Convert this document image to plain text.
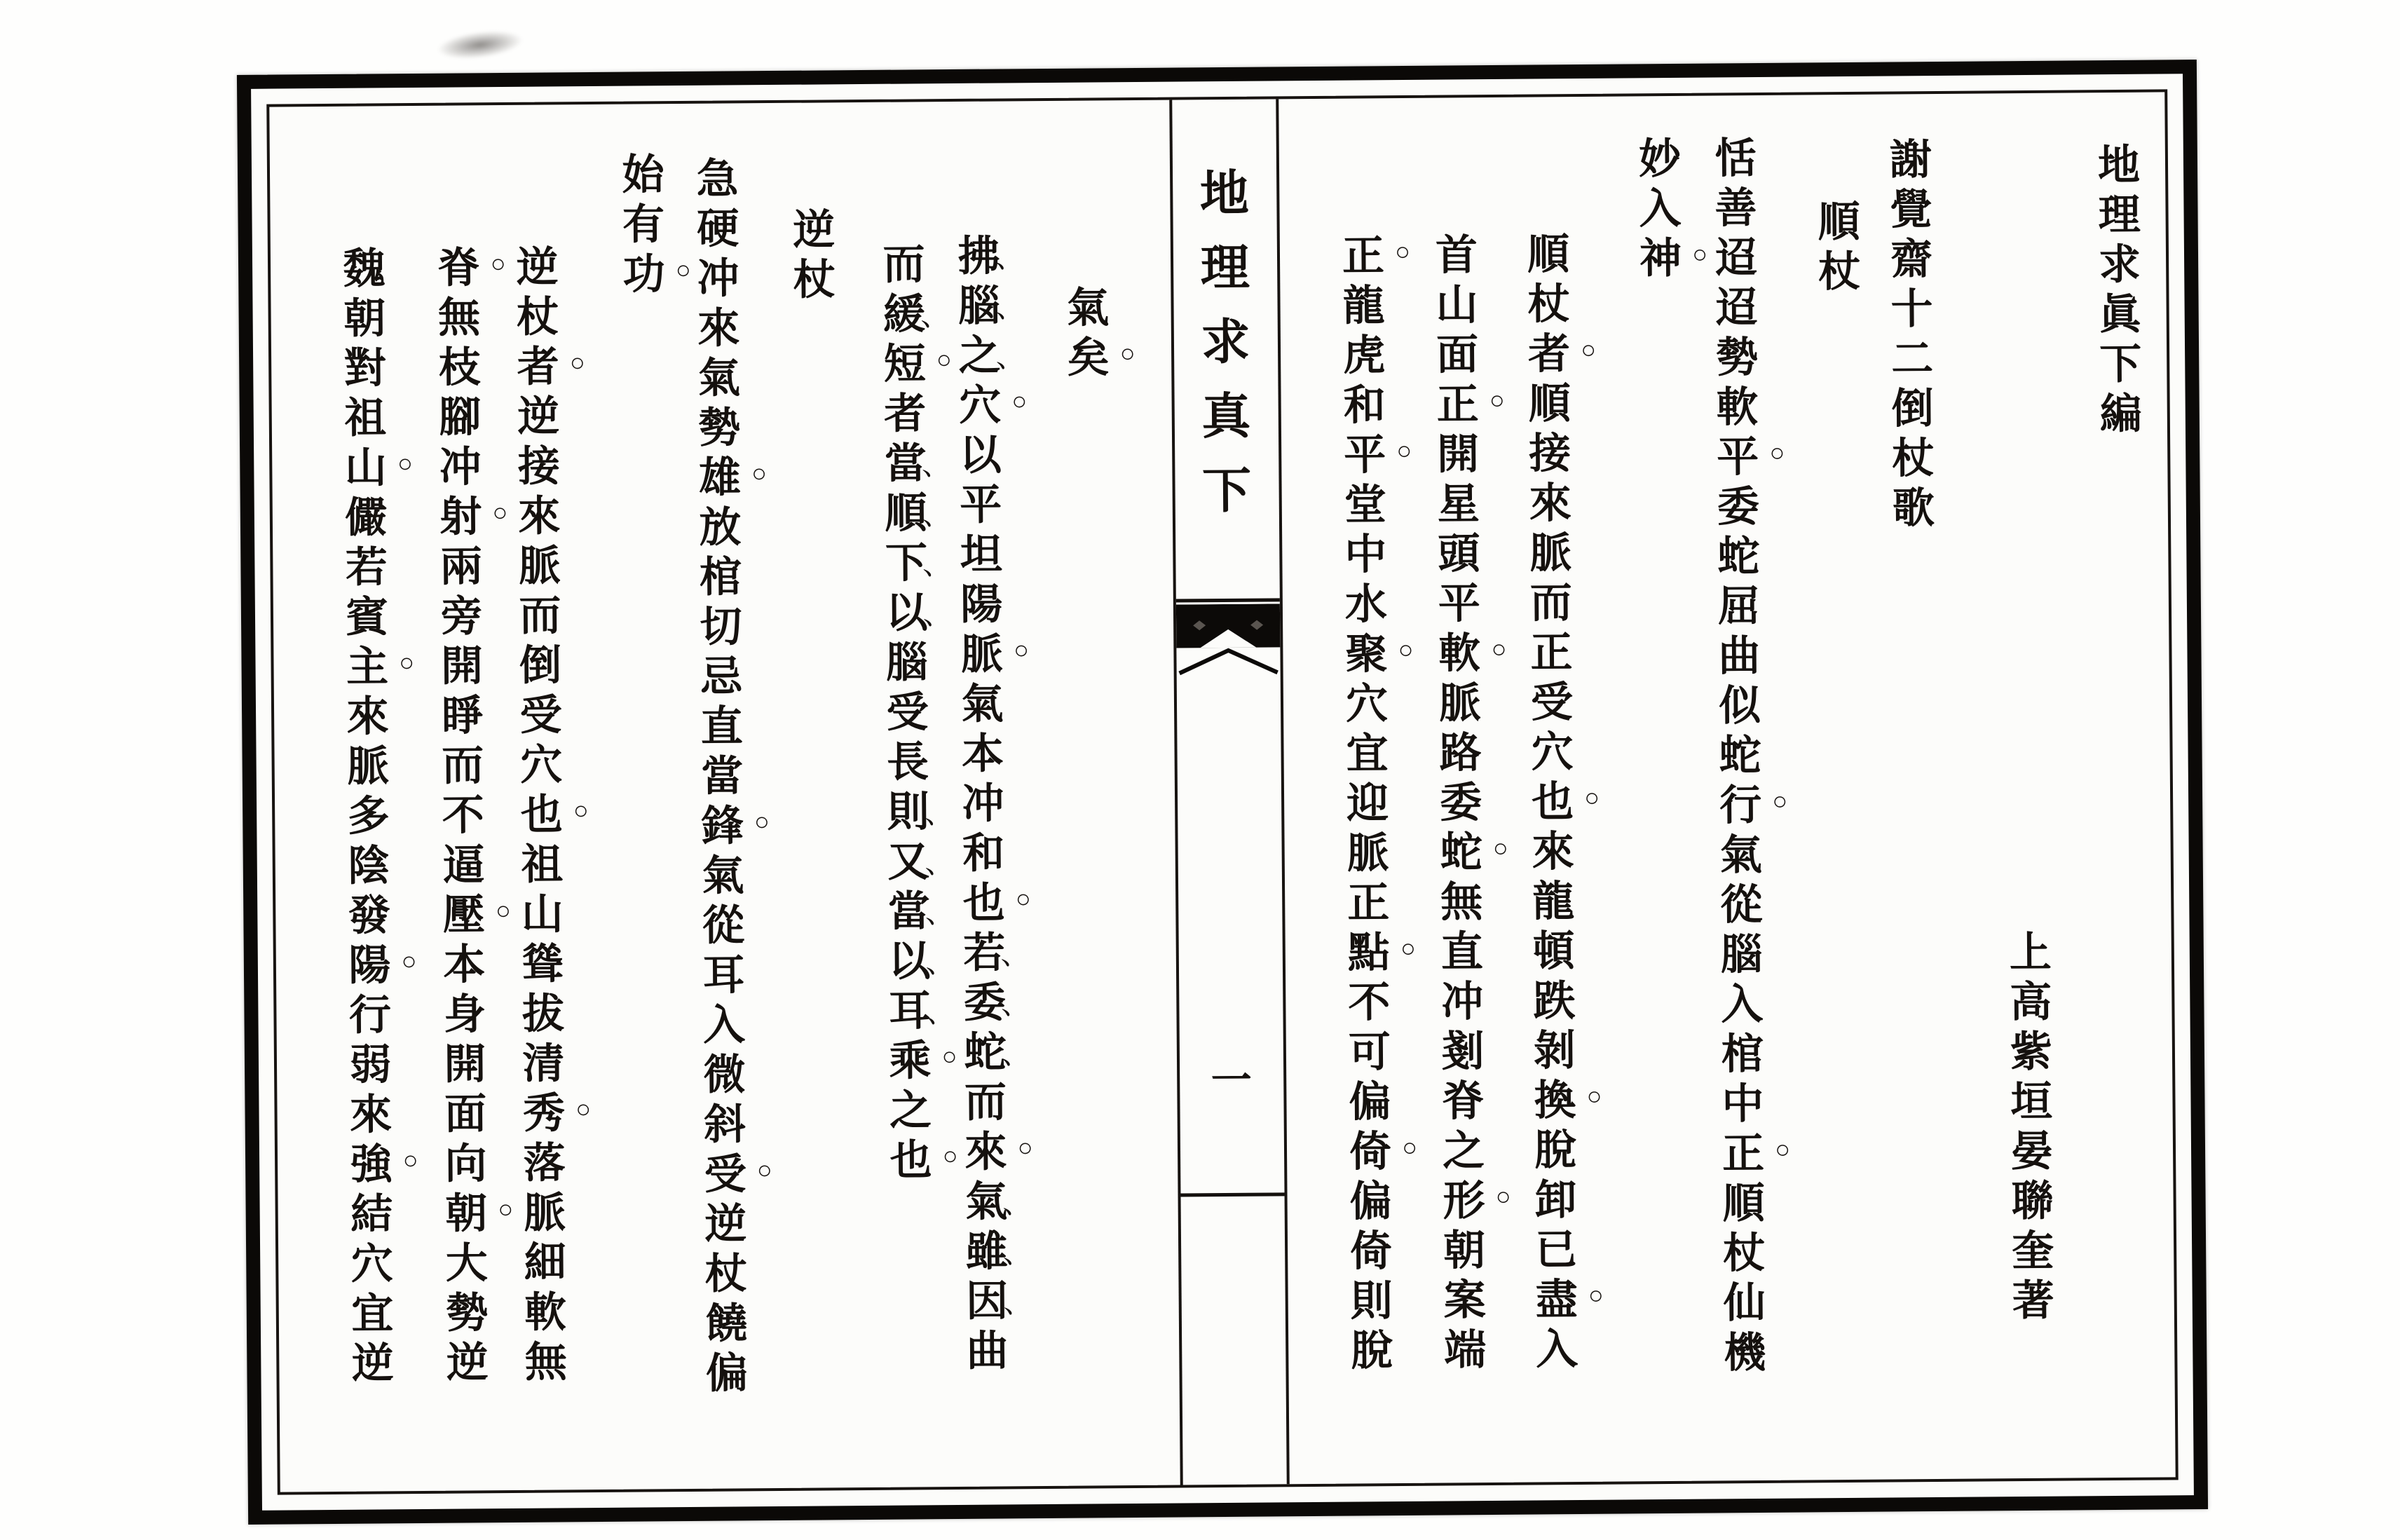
氣
矣 ○
拂
、
腦
、
之
、
穴 ○
以
平
坦
陽
脈 ○
氣
本
冲
和
也 ○
若
、
委
、
蛇
、
而
來 ○
氣
、
雖
、
因
、
曲
而
緩
、
短 ○
者
當
、
順
、
下
、
以
、
腦
受
長
則
、
又
、
當
、
以
、
耳
、
乘 ○
之
也 ○
逆
杖
急
硬
冲
來
氣
勢
雄 ○
放
棺
切
忌
直
當
鋒 ○
氣
從
耳
入
微
斜
受 ○
逆
杖
饒
偏
始
有
功 ○
逆
杖
者 ○
逆
接
來
脈
而
倒
受
穴
也 ○
祖
山
聳
拔
清
秀 ○
落
脈
細
軟
無
脊 ○
無
枝
腳
冲
射 ○
兩
旁
開
睜
而
不
逼
壓 ○
本
身
開
面
向
朝 ○
大
勢
逆
魏
朝
對
祖
山 ○
儼
若
賓
主 ○
來
脈
多
陰
發
陽 ○
行
弱
來
強 ○
結
穴
宜
逆
地
理
求
真
下
一
地
理
求
眞
下
編
上
高
紫
垣
晏
聯
奎
著
謝
覺
齋
十
二
倒
杖
歌
順
杖
恬
善
迢
迢
勢
軟
平 ○
委
蛇
屈
曲
似
蛇
行 ○
氣
從
腦
入
棺
中
正 ○
順
杖
仙
機
妙
入
神 ○
順
杖
者 ○
順
接
來
脈
而
正
受
穴
也 ○
來
龍
頓
跌
剝
換 ○
脫
卸
已
盡 ○
入
首
山
面
正 ○
開
星
頭
平
軟 ○
脈
路
委
蛇 ○
無
直
冲
剗
脊
之
形 ○
朝
案
端
正 ○
龍
虎
和
平 ○
堂
中
水
聚 ○
穴
宜
迎
脈
正
點 ○
不
可
偏
倚 ○
偏
倚
則
脫
